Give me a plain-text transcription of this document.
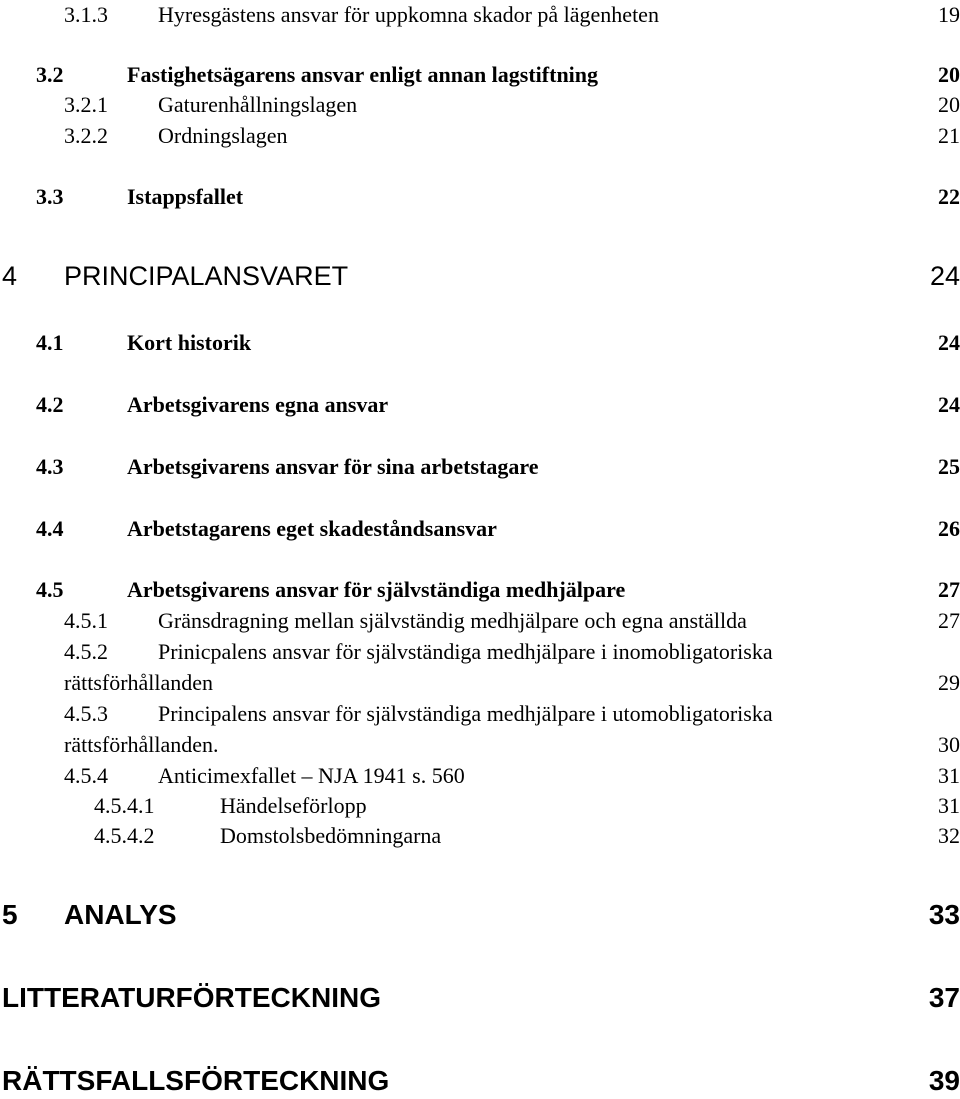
3.1.3 Hyresgästens ansvar för uppkomna skador på lägenheten	19
3.2	Fastighetsägarens ansvar enligt annan lagstiftning	20
3.2.1 Gaturenhållningslagen	20
3.2.2 Ordningslagen	21
3.3	Istappsfallet	22
4 PRINCIPALANSVARET	24
4.1	Kort historik	24
4.2	Arbetsgivarens egna ansvar	24
4.3	Arbetsgivarens ansvar för sina arbetstagare	25
4.4	Arbetstagarens eget skadeståndsansvar	26
4.5	Arbetsgivarens ansvar för självständiga medhjälpare	27
4.5.1 Gränsdragning mellan självständig medhjälpare och egna anställda	27
4.5.2 Prinicpalens ansvar för självständiga medhjälpare i inomobligatoriska
rättsförhållanden	29
4.5.3 Principalens ansvar för självständiga medhjälpare i utomobligatoriska
rättsförhållanden.	30
4.5.4 Anticimexfallet – NJA 1941 s. 560	31
4.5.4.1	Händelseförlopp	31
4.5.4.2	Domstolsbedömningarna	32
5 ANALYS	33
LITTERATURFÖRTECKNING	37
RÄTTSFALLSFÖRTECKNING	39
